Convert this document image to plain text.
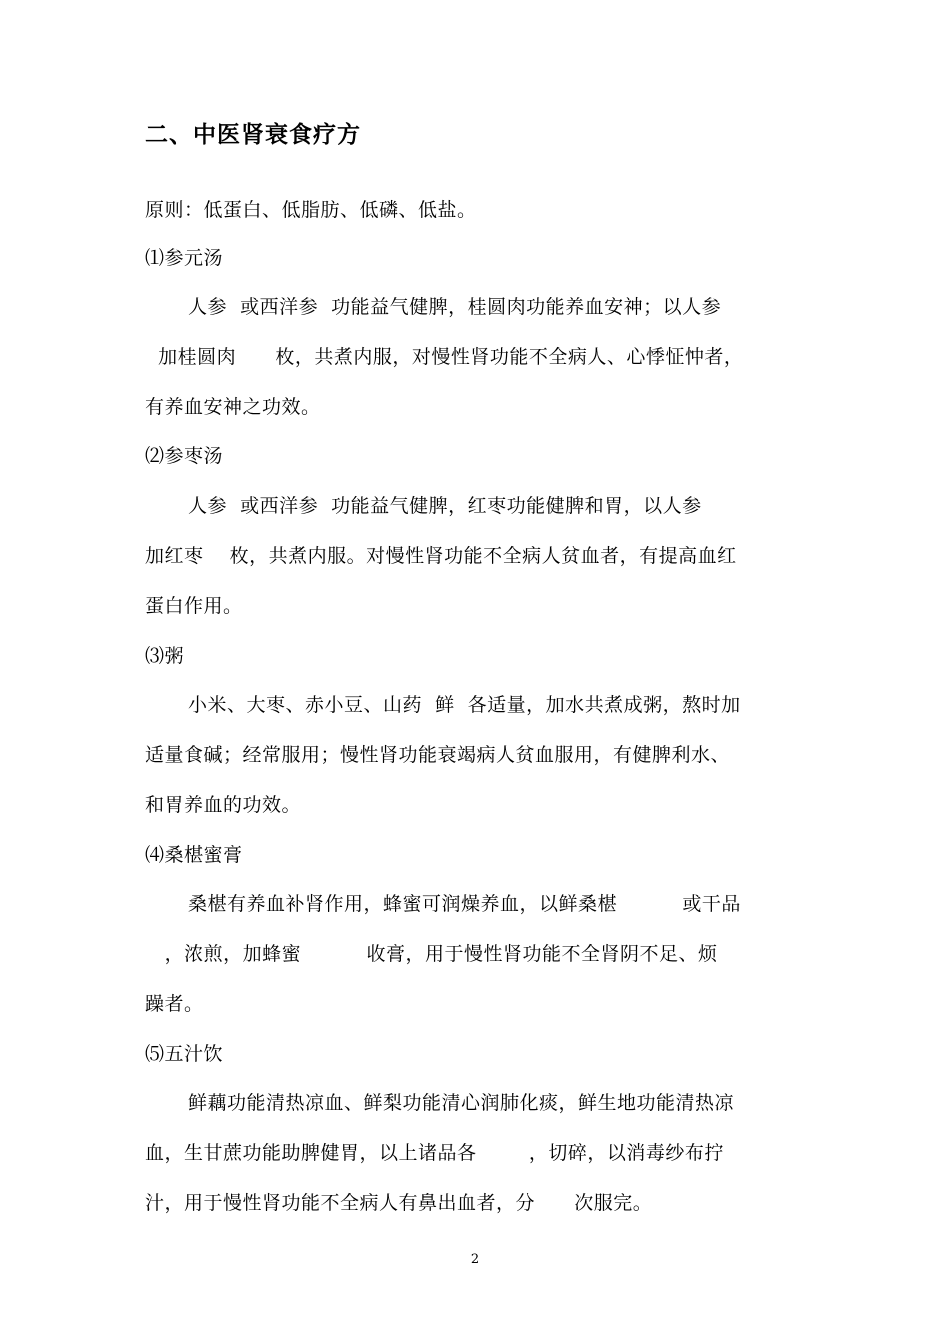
二、中医肾衰食疗方
原则：低蛋白、低脂肪、低磷、低盐。
⑴参元汤
人参  或西洋参  功能益气健脾，桂圆肉功能养血安神；以人参
加桂圆肉      枚，共煮内服，对慢性肾功能不全病人、心悸怔忡者，
有养血安神之功效。
⑵参枣汤
人参  或西洋参  功能益气健脾，红枣功能健脾和胃，以人参
加红枣    枚，共煮内服。对慢性肾功能不全病人贫血者，有提高血红
蛋白作用。
⑶粥
小米、大枣、赤小豆、山药  鲜  各适量，加水共煮成粥，熬时加
适量食碱；经常服用；慢性肾功能衰竭病人贫血服用，有健脾利水、
和胃养血的功效。
⑷桑椹蜜膏
桑椹有养血补肾作用，蜂蜜可润燥养血，以鲜桑椹          或干品
，浓煎，加蜂蜜          收膏，用于慢性肾功能不全肾阴不足、烦
躁者。
⑸五汁饮
鲜藕功能清热凉血、鲜梨功能清心润肺化痰，鲜生地功能清热凉
血，生甘蔗功能助脾健胃，以上诸品各        ，切碎，以消毒纱布拧
汁，用于慢性肾功能不全病人有鼻出血者，分      次服完。
2
